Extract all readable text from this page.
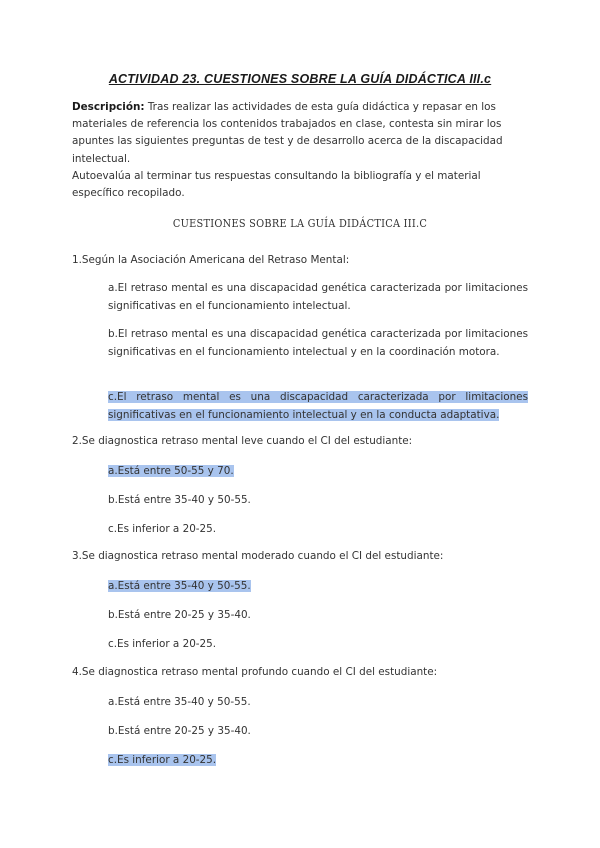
ACTIVIDAD 23. CUESTIONES SOBRE LA GUÍA DIDÁCTICA III.c
Descripción: Tras realizar las actividades de esta guía didáctica y repasar en los materiales de referencia los contenidos trabajados en clase, contesta sin mirar los apuntes las siguientes preguntas de test y de desarrollo acerca de la discapacidad intelectual.
Autoevalúa al terminar tus respuestas consultando la bibliografía y el material específico recopilado.
CUESTIONES SOBRE LA GUÍA DIDÁCTICA III.C
1.Según la Asociación Americana del Retraso Mental:
a.El retraso mental es una discapacidad genética caracterizada por limitaciones significativas en el funcionamiento intelectual.
b.El retraso mental es una discapacidad genética caracterizada por limitaciones significativas en el funcionamiento intelectual y en la coordinación motora.
c.El retraso mental es una discapacidad caracterizada por limitaciones significativas en el funcionamiento intelectual y en la conducta adaptativa.
2.Se diagnostica retraso mental leve cuando el CI del estudiante:
a.Está entre 50-55 y 70.
b.Está entre 35-40 y 50-55.
c.Es inferior a 20-25.
3.Se diagnostica retraso mental moderado cuando el CI del estudiante:
a.Está entre 35-40 y 50-55.
b.Está entre 20-25 y 35-40.
c.Es inferior a 20-25.
4.Se diagnostica retraso mental profundo cuando el CI del estudiante:
a.Está entre 35-40 y 50-55.
b.Está entre 20-25 y 35-40.
c.Es inferior a 20-25.
